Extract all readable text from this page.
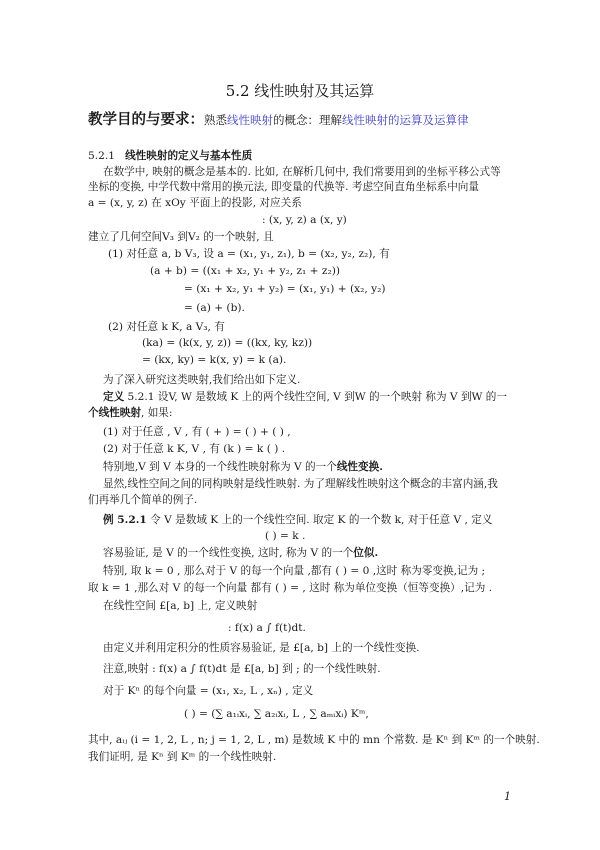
5.2 线性映射及其运算
教学目的与要求：熟悉线性映射的概念：理解线性映射的运算及运算律
5.2.1 线性映射的定义与基本性质
在数学中, 映射的概念是基本的. 比如, 在解析几何中, 我们常要用到的坐标平移公式等
坐标的变换, 中学代数中常用的换元法, 即变量的代换等. 考虑空间直角坐标系中向量
a = (x, y, z) 在 xOy 平面上的投影, 对应关系
: (x, y, z) a (x, y)
建立了几何空间V₃ 到V₂ 的一个映射, 且
(1) 对任意 a, b V₃, 设 a = (x₁, y₁, z₁), b = (x₂, y₂, z₂), 有
(a + b) = ((x₁ + x₂, y₁ + y₂, z₁ + z₂))
= (x₁ + x₂, y₁ + y₂) = (x₁, y₁) + (x₂, y₂)
= (a) + (b).
(2) 对任意 k K, a V₃, 有
(ka) = (k(x, y, z)) = ((kx, ky, kz))
= (kx, ky) = k(x, y) = k (a).
为了深入研究这类映射,我们给出如下定义.
定义 5.2.1 设V, W 是数域 K 上的两个线性空间, V 到W 的一个映射 称为 V 到W 的一
个线性映射, 如果:
(1) 对于任意 , V , 有 ( + ) = ( ) + ( ) ,
(2) 对于任意 k K, V , 有 (k ) = k ( ) .
特别地,V 到 V 本身的一个线性映射称为 V 的一个线性变换.
显然,线性空间之间的同构映射是线性映射. 为了理解线性映射这个概念的丰富内涵,我
们再举几个简单的例子.
例 5.2.1 令 V 是数域 K 上的一个线性空间. 取定 K 的一个数 k, 对于任意 V , 定义
( ) = k .
容易验证, 是 V 的一个线性变换, 这时, 称为 V 的一个位似.
特别, 取 k = 0 , 那么对于 V 的每一个向量 ,都有 ( ) = 0 ,这时 称为零变换,记为 ;
取 k = 1 ,那么对 V 的每一个向量 都有 ( ) = , 这时 称为单位变换（恒等变换）,记为 .
在线性空间 £[a, b] 上, 定义映射
: f(x) a ∫ f(t)dt.
由定义并利用定积分的性质容易验证, 是 £[a, b] 上的一个线性变换.
注意,映射 : f(x) a ∫ f(t)dt 是 £[a, b] 到 ; 的一个线性映射.
对于 Kⁿ 的每个向量 = (x₁, x₂, L , xₙ) , 定义
( ) = (∑ a₁ᵢxᵢ, ∑ a₂ᵢxᵢ, L , ∑ aₘᵢxᵢ) Kᵐ,
其中, aᵢⱼ (i = 1, 2, L , n; j = 1, 2, L , m) 是数域 K 中的 mn 个常数. 是 Kⁿ 到 Kᵐ 的一个映射.
我们证明, 是 Kⁿ 到 Kᵐ 的一个线性映射.
1
